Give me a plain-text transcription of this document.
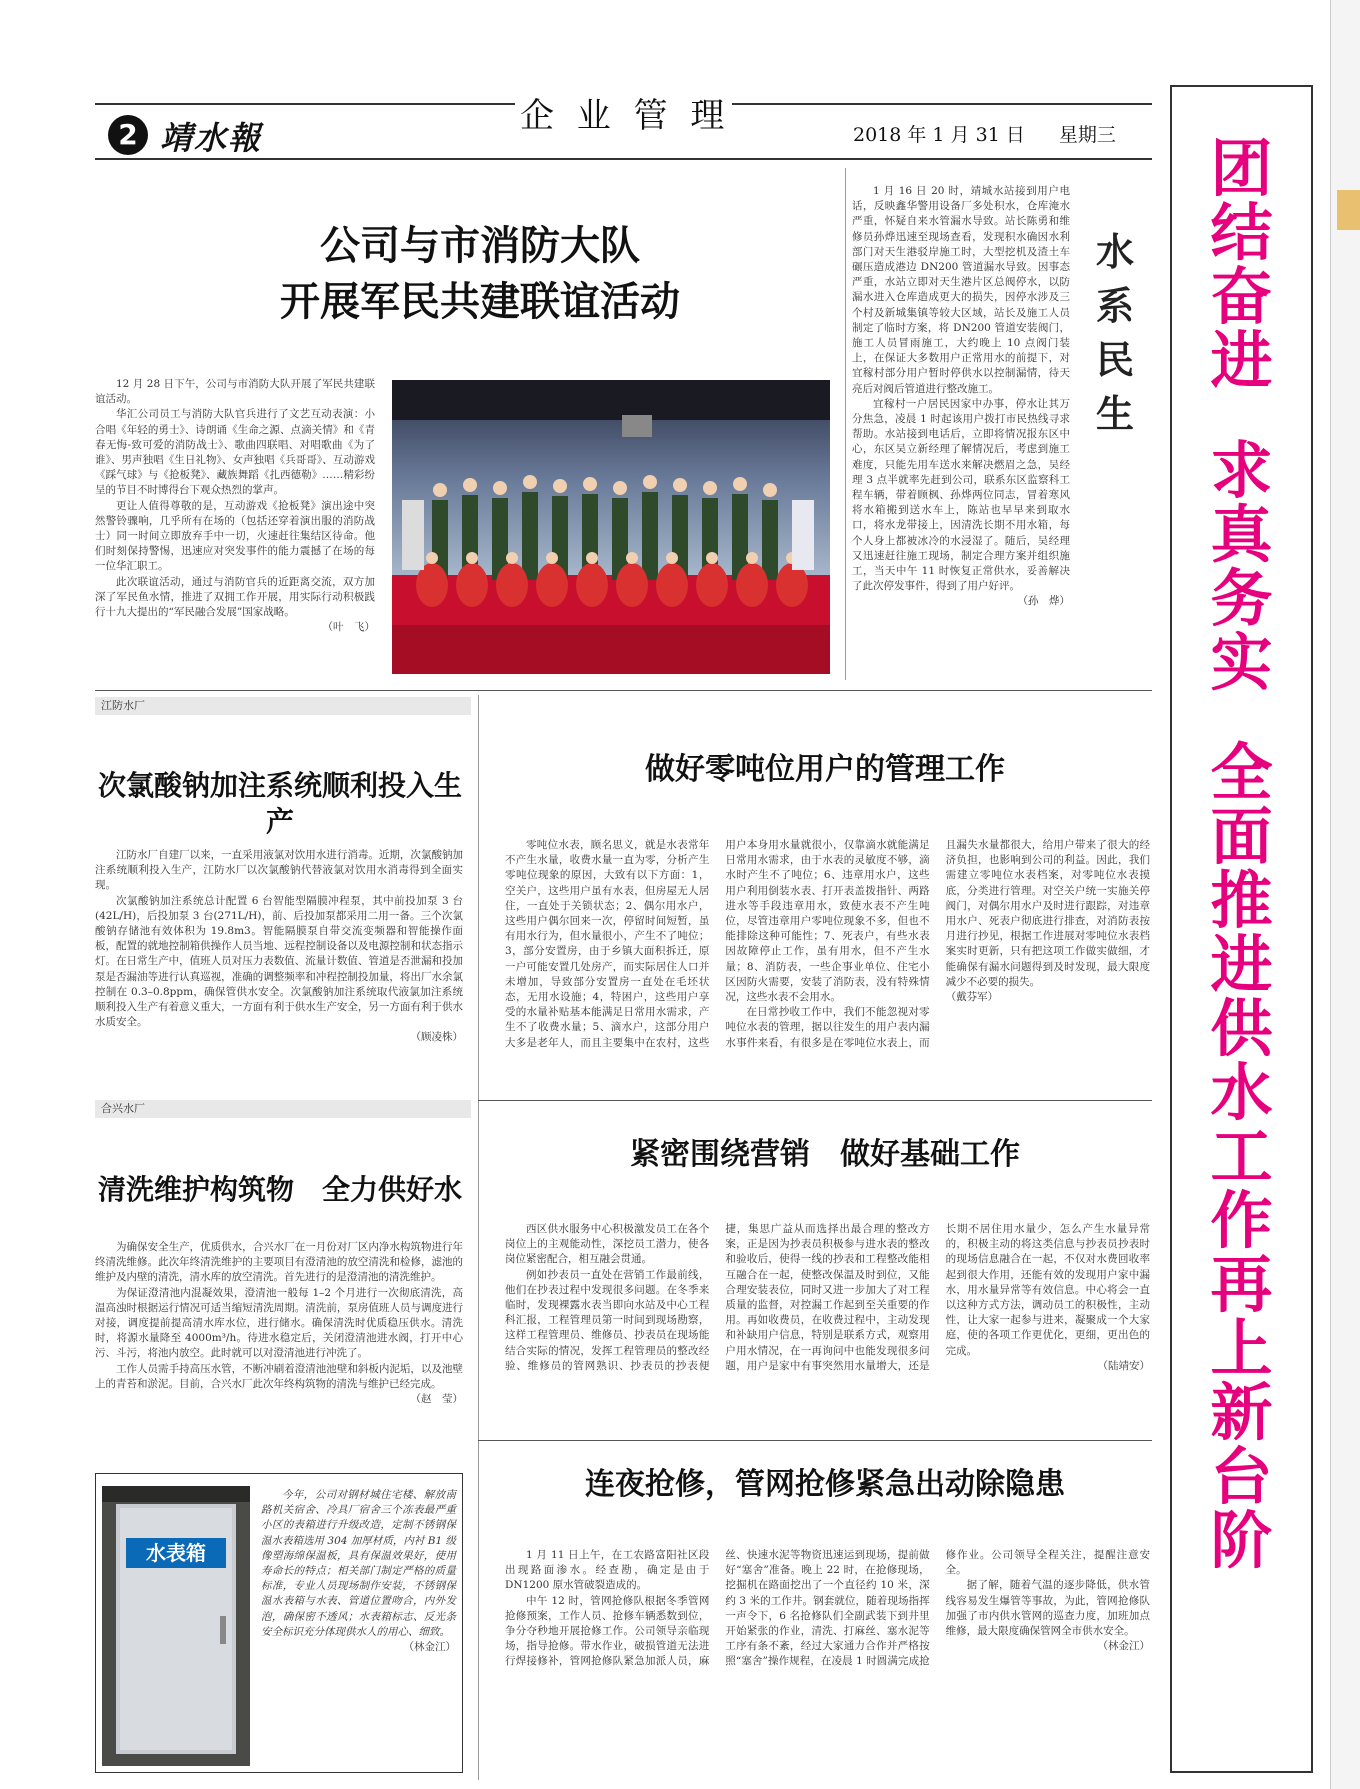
2 靖水報
企 业 管 理	2018 年 1 月 31 日 星期三
公司与市消防大队
开展军民共建联谊活动

12 月 28 日下午，公司与市消防大队开展了军民共建联谊活动。

华汇公司员工与消防大队官兵进行了文艺互动表演：小合唱《年轻的勇士》、诗朗诵《生命之源、点滴关情》和《青春无悔-致可爱的消防战士》、歌曲四联唱、对唱歌曲《为了谁》、男声独唱《生日礼物》、女声独唱《兵哥哥》、互动游戏《踩气球》与《抢板凳》、藏族舞蹈《扎西德勒》……精彩纷呈的节目不时博得台下观众热烈的掌声。

更让人值得尊敬的是，互动游戏《抢板凳》演出途中突然警铃骤响，几乎所有在场的（包括还穿着演出服的消防战士）同一时间立即放弃手中一切，火速赶往集结区待命。他们时刻保持警惕，迅速应对突发事件的能力震撼了在场的每一位华汇职工。

此次联谊活动，通过与消防官兵的近距离交流，双方加深了军民鱼水情，推进了双拥工作开展，用实际行动积极践行十九大提出的“军民融合发展”国家战略。

（叶　飞）

1 月 16 日 20 时，靖城水站接到用户电话，反映鑫华警用设备厂多处积水，仓库淹水严重，怀疑自来水管漏水导致。站长陈勇和维修员孙烨迅速至现场查看，发现积水确因水利部门对天生港驳岸施工时，大型挖机及渣土车碾压造成港边 DN200 管道漏水导致。因事态严重，水站立即对天生港片区总阀停水，以防漏水进入仓库造成更大的损失，因停水涉及三个村及新城集镇等较大区域，站长及施工人员制定了临时方案，将 DN200 管道安装阀门，施工人员冒雨施工，大约晚上 10 点阀门装上，在保证大多数用户正常用水的前提下，对宜稼村部分用户暂时停供水以控制漏情，待天亮后对阀后管道进行整改施工。

宜稼村一户居民因家中办事，停水让其万分焦急，凌晨 1 时起该用户拨打市民热线寻求帮助。水站接到电话后，立即将情况报东区中心，东区吴立新经理了解情况后，考虑到施工难度，只能先用车送水来解决燃眉之急，吴经理 3 点半就率先赶到公司，联系东区监察科工程车辆，带着顾枫、孙烨两位同志，冒着寒风将水箱搬到送水车上，陈站也早早来到取水口，将水龙带接上，因清洗长期不用水箱，每个人身上都被冰冷的水浸湿了。随后，吴经理又迅速赶往施工现场，制定合理方案并组织施工，当天中午 11 时恢复正常供水，妥善解决了此次停发事件，得到了用户好评。

（孙　烨）
水
系
民
生
江防水厂
次氯酸钠加注系统顺利投入生产

江防水厂自建厂以来，一直采用液氯对饮用水进行消毒。近期，次氯酸钠加注系统顺利投入生产，江防水厂以次氯酸钠代替液氯对饮用水消毒得到全面实现。

次氯酸钠加注系统总计配置 6 台智能型隔膜冲程泵，其中前投加泵 3 台(42L/H)，后投加泵 3 台(271L/H)，前、后投加泵都采用二用一备。三个次氯酸钠存储池有效体积为 19.8m3。智能隔膜泵自带交流变频器和智能操作面板，配置的就地控制箱供操作人员当地、远程控制设备以及电源控制和状态指示灯。在日常生产中，值班人员对压力表数值、流量计数值、管道是否泄漏和投加泵是否漏油等进行认真巡视，准确的调整频率和冲程控制投加量，将出厂水余氯控制在 0.3–0.8ppm，确保管供水安全。次氯酸钠加注系统取代液氯加注系统顺利投入生产有着意义重大，一方面有利于供水生产安全，另一方面有利于供水水质安全。

（顾凌株）
做好零吨位用户的管理工作

零吨位水表，顾名思义，就是水表常年不产生水量，收费水量一直为零，分析产生零吨位现象的原因，大致有以下方面：1，空关户，这些用户虽有水表，但房屋无人居住，一直处于关锁状态；2、偶尔用水户，这些用户偶尔回来一次，停留时间短暂，虽有用水行为，但水量很小，产生不了吨位；3，部分安置房，由于乡镇大面积拆迁，原一户可能安置几处房产，而实际居住人口并未增加，导致部分安置房一直处在毛坯状态，无用水设施；4，特困户，这些用户享受的水量补贴基本能满足日常用水需求，产生不了收费水量；5、滴水户，这部分用户大多是老年人，而且主要集中在农村，这些用户本身用水量就很小，仅靠滴水就能满足日常用水需求，由于水表的灵敏度不够，滴水时产生不了吨位；6、违章用水户，这些用户利用倒装水表、打开表盖拨指针、两路进水等手段违章用水，致使水表不产生吨位，尽管违章用户零吨位现象不多，但也不能排除这种可能性；7、死表户，有些水表因故障停止工作，虽有用水，但不产生水量；8、消防表，一些企事业单位、住宅小区因防火需要，安装了消防表，没有特殊情况，这些水表不会用水。

在日常抄收工作中，我们不能忽视对零吨位水表的管理，据以往发生的用户表内漏水事件来看，有很多是在零吨位水表上，而且漏失水量都很大，给用户带来了很大的经济负担，也影响到公司的利益。因此，我们需建立零吨位水表档案，对零吨位水表摸底，分类进行管理。对空关户统一实施关停阀门，对偶尔用水户及时进行跟踪，对违章用水户、死表户彻底进行排查，对消防表按月进行抄见，根据工作进展对零吨位水表档案实时更新，只有把这项工作做实做细，才能确保有漏水问题得到及时发现，最大限度减少不必要的损失。

（戴芬军）
合兴水厂
清洗维护构筑物　全力供好水

为确保安全生产，优质供水，合兴水厂在一月份对厂区内净水构筑物进行年终清洗维修。此次年终清洗维护的主要项目有澄清池的放空清洗和检修，滤池的维护及内壁的清洗，清水库的放空清洗。首先进行的是澄清池的清洗维护。

为保证澄清池内混凝效果，澄清池一般每 1–2 个月进行一次彻底清洗，高温高浊时根据运行情况可适当缩短清洗周期。清洗前，泵房值班人员与调度进行对接，调度提前提高清水库水位，进行储水。确保清洗时优质稳压供水。清洗时，将源水量降至 4000m³/h。待进水稳定后，关闭澄清池进水阀，打开中心污、斗污，将池内放空。此时就可以对澄清池进行冲洗了。

工作人员需手持高压水管，不断冲刷着澄清池池壁和斜板内泥垢，以及池壁上的青苔和淤泥。目前，合兴水厂此次年终构筑物的清洗与维护已经完成。

（赵　莹）
紧密围绕营销　做好基础工作

西区供水服务中心积极激发员工在各个岗位上的主观能动性，深挖员工潜力，使各岗位紧密配合，相互融会贯通。

例如抄表员一直处在营销工作最前线，他们在抄表过程中发现很多问题。在冬季来临时，发现裸露水表当即向水站及中心工程科汇报，工程管理员第一时间到现场勘察，这样工程管理员、维修员、抄表员在现场能结合实际的情况，发挥工程管理员的整改经验、维修员的管网熟识、抄表员的抄表便捷，集思广益从而选择出最合理的整改方案，正是因为抄表员积极参与进水表的整改和验收后，使得一线的抄表和工程整改能相互融合在一起，使整改保温及时到位，又能合理安装表位，同时又进一步加大了对工程质量的监督，对控漏工作起到至关重要的作用。再如收费员，在收费过程中，主动发现和补缺用户信息，特别是联系方式，观察用户用水情况，在一再询问中也能发现很多问题，用户是家中有事突然用水量增大，还是长期不居住用水量少，怎么产生水量异常的，积极主动的将这类信息与抄表员抄表时的现场信息融合在一起，不仅对水费回收率起到很大作用，还能有效的发现用户家中漏水，用水量异常等有效信息。中心将会一直以这种方式方法，调动员工的积极性，主动性，让大家一起参与进来，凝聚成一个大家庭，使的各项工作更优化，更细，更出色的完成。

（陆靖安）
水表箱

今年，公司对钢材城住宅楼、解放南路机关宿舍、冷具厂宿舍三个冻表最严重小区的表箱进行升级改造，定制不锈钢保温水表箱选用 304 加厚材质，内衬 B1 级像塑海绵保温板，具有保温效果好，使用寿命长的特点；相关部门制定严格的质量标准，专业人员现场制作安装，不锈钢保温水表箱与水表、管道位置吻合，内外发泡，确保密不透风；水表箱标志、反光条安全标识充分体现供水人的用心、细致。

（林金江）
连夜抢修，管网抢修紧急出动除隐患

1 月 11 日上午，在工农路富阳社区段出现路面渗水。经查勘，确定是由于 DN1200 原水管破裂造成的。

中午 12 时，管网抢修队根据冬季管网抢修预案，工作人员、抢修车辆悉数到位，争分夺秒地开展抢修工作。公司领导亲临现场，指导抢修。带水作业，破损管道无法进行焊接修补，管网抢修队紧急加派人员，麻丝、快速水泥等物资迅速运到现场，提前做好“塞舍”准备。晚上 22 时，在抢修现场，挖掘机在路面挖出了一个直径约 10 米，深约 3 米的工作井。钢套就位，随着现场指挥一声令下，6 名抢修队们全副武装下到井里开始紧张的作业，清洗、打麻丝、塞水泥等工序有条不紊，经过大家通力合作并严格按照“塞舍”操作规程，在凌晨 1 时圆满完成抢修作业。公司领导全程关注，提醒注意安全。

据了解，随着气温的逐步降低，供水管线容易发生爆管等事故，为此，管网抢修队加强了市内供水管网的巡查力度，加班加点维修，最大限度确保管网全市供水安全。

（林金江）
团
结
奋
进
求
真
务
实
全
面
推
进
供
水
工
作
再
上
新
台
阶
